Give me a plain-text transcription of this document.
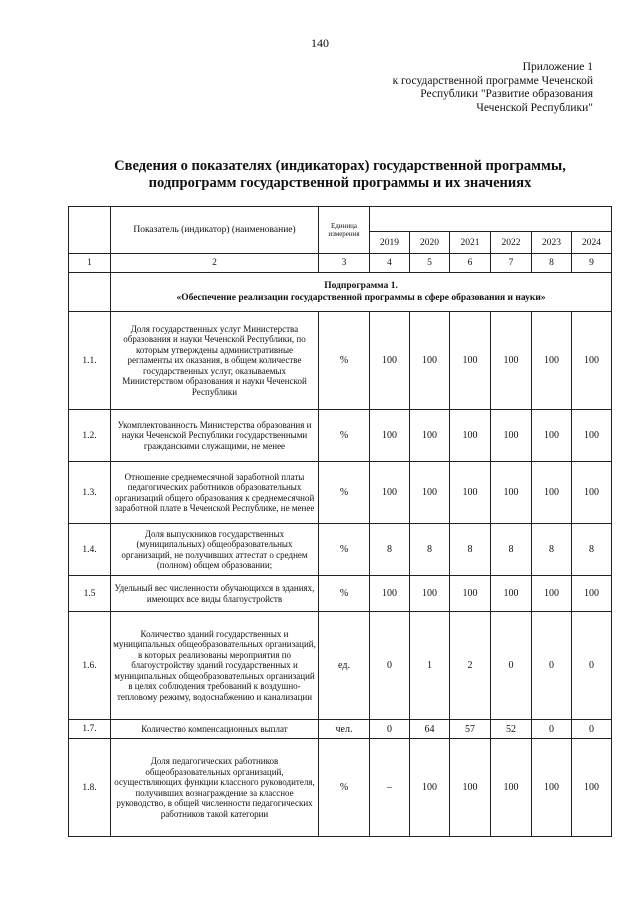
140
Приложение 1
к государственной программе Чеченской
Республики "Развитие образования
Чеченской Республики"
Сведения о показателях (индикаторах) государственной программы,
подпрограмм государственной программы и их значениях
	Показатель (индикатор) (наименование)	Единица измерения						
			2019	2020	2021	2022	2023	2024
1	2	3	4	5	6	7	8	9

	Подпрограмма 1.
«Обеспечение реализации государственной программы в сфере образования и науки»							

1.1.	Доля государственных услуг Министерства образования и науки Чеченской Республики, по которым утверждены административные регламенты их оказания, в общем количестве государственных услуг, оказываемых Министерством образования и науки Чеченской Республики	%	100	100	100	100	100	100
1.2.	Укомплектованность Министерства образования и науки Чеченской Республики государственными гражданскими служащими, не менее	%	100	100	100	100	100	100
1.3.	Отношение среднемесячной заработной платы педагогических работников образовательных организаций общего образования к среднемесячной заработной плате в Чеченской Республике, не менее	%	100	100	100	100	100	100
1.4.	Доля выпускников государственных (муниципальных) общеобразовательных организаций, не получивших аттестат о среднем (полном) общем образовании;	%	8	8	8	8	8	8
1.5	Удельный вес численности обучающихся в зданиях, имеющих все виды благоустройств	%	100	100	100	100	100	100
1.6.	Количество зданий государственных и муниципальных общеобразовательных организаций, в которых реализованы мероприятия по благоустройству зданий государственных и муниципальных общеобразовательных организаций в целях соблюдения требований к воздушно-тепловому режиму, водоснабжению и канализации	ед.	0	1	2	0	0	0
1.7.	Количество компенсационных выплат	чел.	0	64	57	52	0	0
1.8.	Доля педагогических работников общеобразовательных организаций, осуществляющих функции классного руководителя, получивших вознаграждение за классное руководство, в общей численности педагогических работников такой категории	%	–	100	100	100	100	100
